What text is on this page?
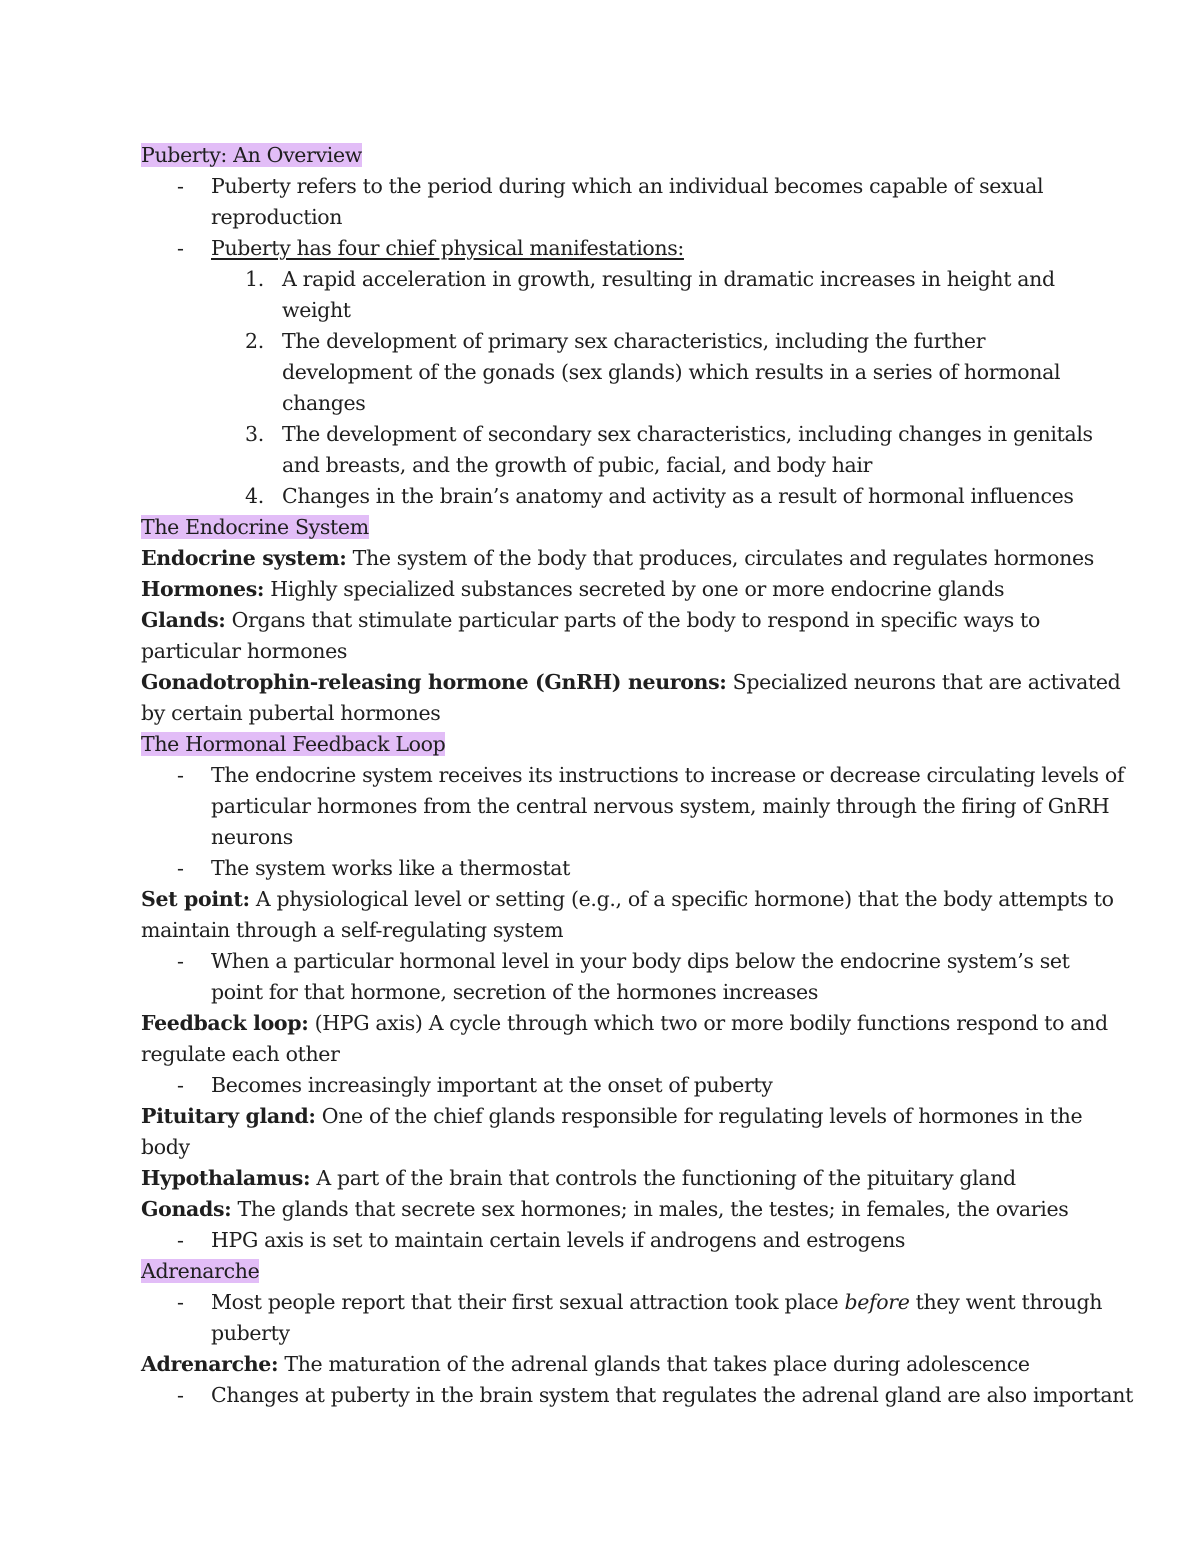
Puberty: An Overview
- Puberty refers to the period during which an individual becomes capable of sexual
reproduction
- Puberty has four chief physical manifestations:
1. A rapid acceleration in growth, resulting in dramatic increases in height and
weight
2. The development of primary sex characteristics, including the further
development of the gonads (sex glands) which results in a series of hormonal
changes
3. The development of secondary sex characteristics, including changes in genitals
and breasts, and the growth of pubic, facial, and body hair
4. Changes in the brain’s anatomy and activity as a result of hormonal influences
The Endocrine System
Endocrine system: The system of the body that produces, circulates and regulates hormones
Hormones: Highly specialized substances secreted by one or more endocrine glands
Glands: Organs that stimulate particular parts of the body to respond in specific ways to
particular hormones
Gonadotrophin-releasing hormone (GnRH) neurons: Specialized neurons that are activated
by certain pubertal hormones
The Hormonal Feedback Loop
- The endocrine system receives its instructions to increase or decrease circulating levels of
particular hormones from the central nervous system, mainly through the firing of GnRH
neurons
- The system works like a thermostat
Set point: A physiological level or setting (e.g., of a specific hormone) that the body attempts to
maintain through a self-regulating system
- When a particular hormonal level in your body dips below the endocrine system’s set
point for that hormone, secretion of the hormones increases
Feedback loop: (HPG axis) A cycle through which two or more bodily functions respond to and
regulate each other
- Becomes increasingly important at the onset of puberty
Pituitary gland: One of the chief glands responsible for regulating levels of hormones in the
body
Hypothalamus: A part of the brain that controls the functioning of the pituitary gland
Gonads: The glands that secrete sex hormones; in males, the testes; in females, the ovaries
- HPG axis is set to maintain certain levels if androgens and estrogens
Adrenarche
- Most people report that their first sexual attraction took place before they went through
puberty
Adrenarche: The maturation of the adrenal glands that takes place during adolescence
- Changes at puberty in the brain system that regulates the adrenal gland are also important
